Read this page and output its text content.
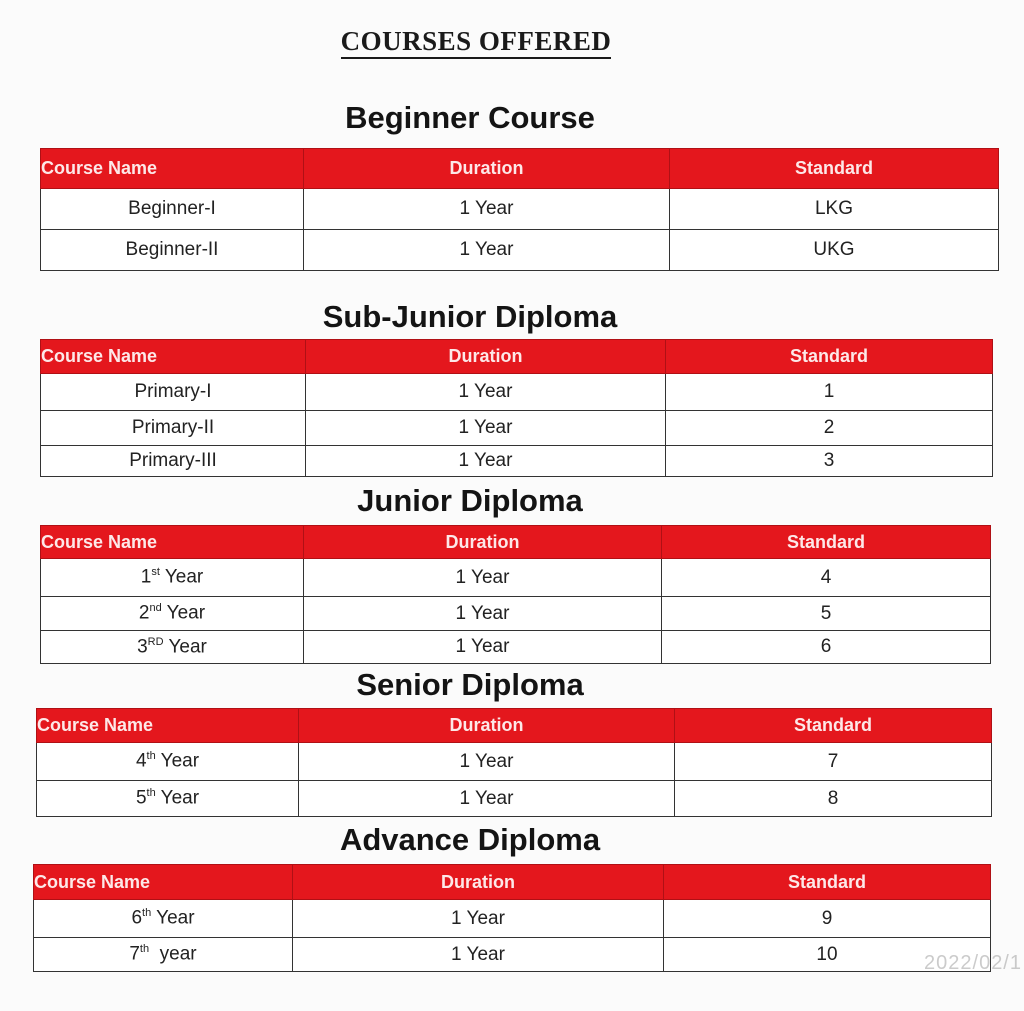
COURSES OFFERED
Beginner Course
Course Name	Duration	Standard
Beginner-I	1 Year	LKG
Beginner-II	1 Year	UKG
Sub-Junior Diploma
Course Name	Duration	Standard
Primary-I	1 Year	1
Primary-II	1 Year	2
Primary-III	1 Year	3
Junior Diploma
Course Name	Duration	Standard
1st Year	1 Year	4
2nd Year	1 Year	5
3RD Year	1 Year	6
Senior Diploma
Course Name	Duration	Standard
4th Year	1 Year	7
5th Year	1 Year	8
Advance Diploma
Course Name	Duration	Standard
6th Year	1 Year	9
7th  year	1 Year	10	2022/02/1
